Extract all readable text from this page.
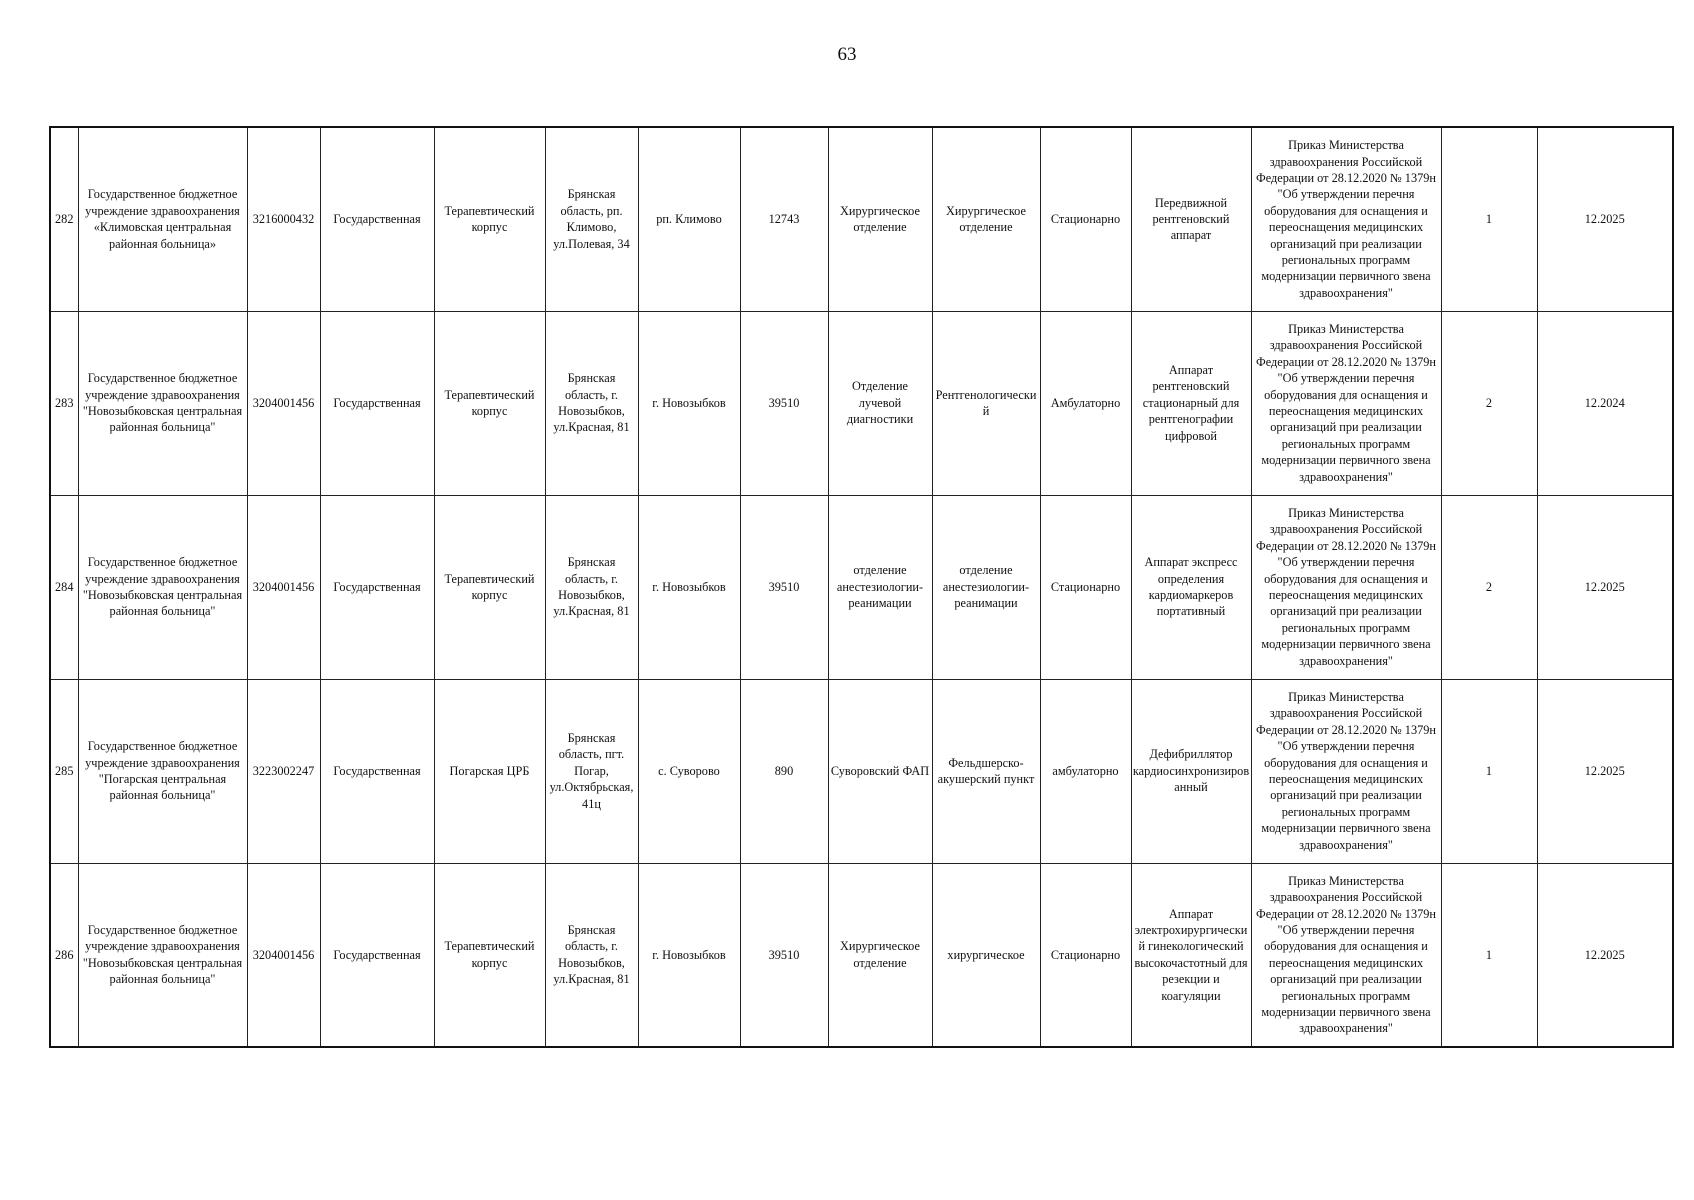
63
282	Государственное бюджетное учреждение здравоохранения «Климовская центральная районная больница»	3216000432	Государственная	Терапевтический корпус	Брянская область, рп. Климово, ул.Полевая, 34	рп. Климово	12743	Хирургическое отделение	Хирургическое отделение	Стационарно	Передвижной рентгеновский аппарат	Приказ Министерства здравоохранения Российской Федерации от 28.12.2020 № 1379н "Об утверждении перечня оборудования для оснащения и переоснащения медицинских организаций при реализации региональных программ модернизации первичного звена здравоохранения"	1	12.2025
283	Государственное бюджетное учреждение здравоохранения "Новозыбковская центральная районная больница"	3204001456	Государственная	Терапевтический корпус	Брянская область, г. Новозыбков, ул.Красная, 81	г. Новозыбков	39510	Отделение лучевой диагностики	Рентгенологический	Амбулаторно	Аппарат рентгеновский стационарный для рентгенографии цифровой	Приказ Министерства здравоохранения Российской Федерации от 28.12.2020 № 1379н "Об утверждении перечня оборудования для оснащения и переоснащения медицинских организаций при реализации региональных программ модернизации первичного звена здравоохранения"	2	12.2024
284	Государственное бюджетное учреждение здравоохранения "Новозыбковская центральная районная больница"	3204001456	Государственная	Терапевтический корпус	Брянская область, г. Новозыбков, ул.Красная, 81	г. Новозыбков	39510	отделение анестезиологии-реанимации	отделение анестезиологии-реанимации	Стационарно	Аппарат экспресс определения кардиомаркеров портативный	Приказ Министерства здравоохранения Российской Федерации от 28.12.2020 № 1379н "Об утверждении перечня оборудования для оснащения и переоснащения медицинских организаций при реализации региональных программ модернизации первичного звена здравоохранения"	2	12.2025
285	Государственное бюджетное учреждение здравоохранения "Погарская центральная районная больница"	3223002247	Государственная	Погарская ЦРБ	Брянская область, пгт. Погар, ул.Октябрьская, 41ц	с. Суворово	890	Суворовский ФАП	Фельдшерско-акушерский пункт	амбулаторно	Дефибриллятор кардиосинхронизированный	Приказ Министерства здравоохранения Российской Федерации от 28.12.2020 № 1379н "Об утверждении перечня оборудования для оснащения и переоснащения медицинских организаций при реализации региональных программ модернизации первичного звена здравоохранения"	1	12.2025
286	Государственное бюджетное учреждение здравоохранения "Новозыбковская центральная районная больница"	3204001456	Государственная	Терапевтический корпус	Брянская область, г. Новозыбков, ул.Красная, 81	г. Новозыбков	39510	Хирургическое отделение	хирургическое	Стационарно	Аппарат электрохирургический гинекологический высокочастотный для резекции и коагуляции	Приказ Министерства здравоохранения Российской Федерации от 28.12.2020 № 1379н "Об утверждении перечня оборудования для оснащения и переоснащения медицинских организаций при реализации региональных программ модернизации первичного звена здравоохранения"	1	12.2025
